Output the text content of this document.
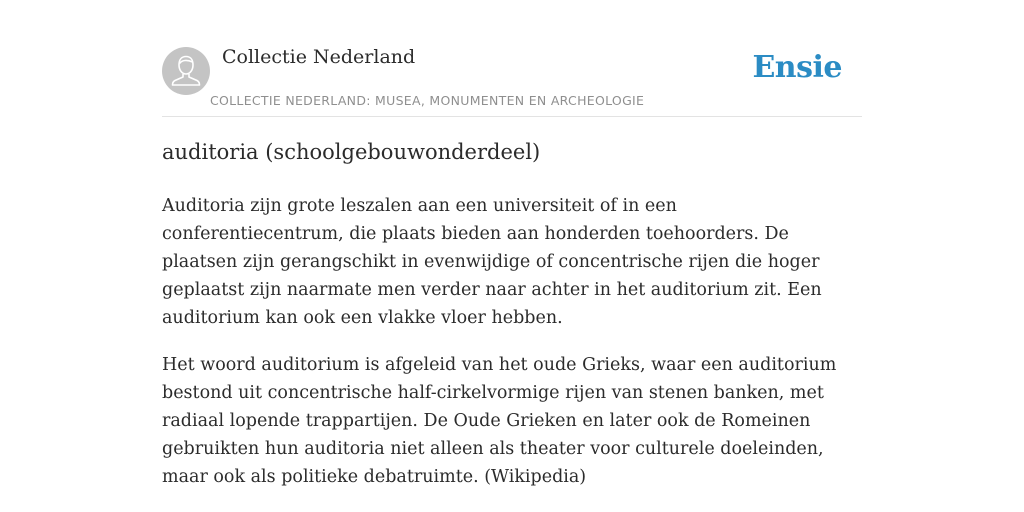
Collectie Nederland
COLLECTIE NEDERLAND: MUSEA, MONUMENTEN EN ARCHEOLOGIE
Ensie
auditoria (schoolgebouwonderdeel)

Auditoria zijn grote leszalen aan een universiteit of in een conferentiecentrum, die plaats bieden aan honderden toehoorders. De plaatsen zijn gerangschikt in evenwijdige of concentrische rijen die hoger geplaatst zijn naarmate men verder naar achter in het auditorium zit. Een auditorium kan ook een vlakke vloer hebben.

Het woord auditorium is afgeleid van het oude Grieks, waar een auditorium bestond uit concentrische half-cirkelvormige rijen van stenen banken, met radiaal lopende trappartijen. De Oude Grieken en later ook de Romeinen gebruikten hun auditoria niet alleen als theater voor culturele doeleinden, maar ook als politieke debatruimte. (Wikipedia)
